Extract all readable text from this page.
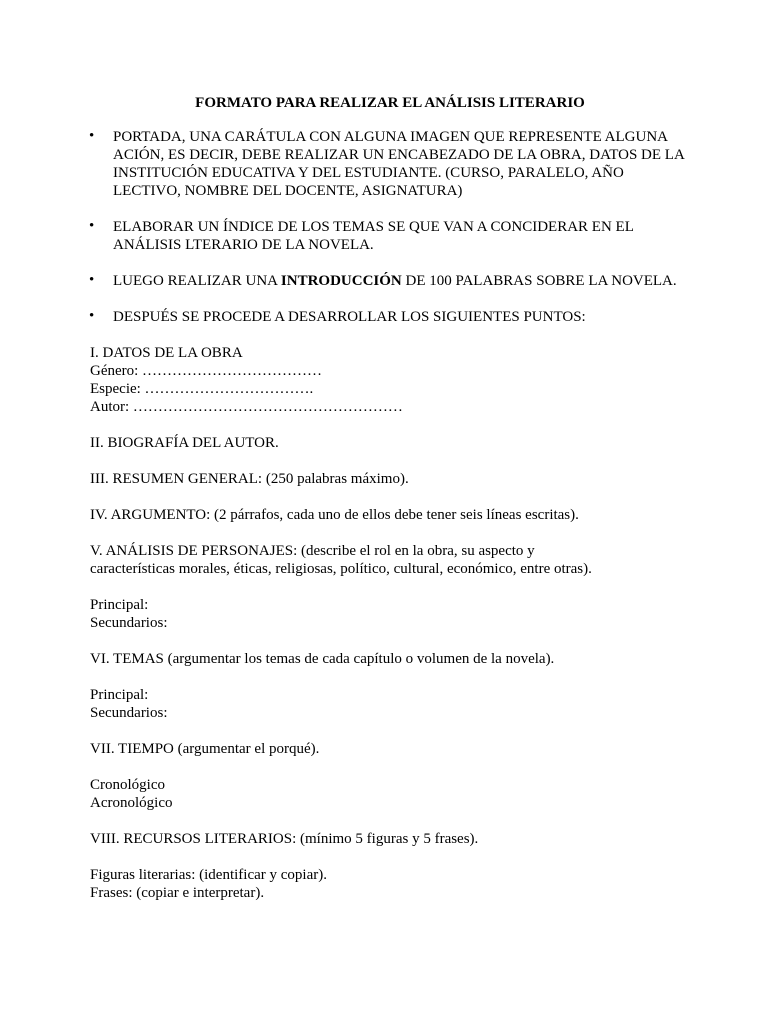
FORMATO PARA REALIZAR EL ANÁLISIS LITERARIO
• PORTADA, UNA CARÁTULA CON ALGUNA IMAGEN QUE REPRESENTE ALGUNA ACIÓN, ES DECIR, DEBE REALIZAR UN ENCABEZADO DE LA OBRA, DATOS DE LA INSTITUCIÓN EDUCATIVA Y DEL ESTUDIANTE. (CURSO, PARALELO, AÑO LECTIVO, NOMBRE DEL DOCENTE, ASIGNATURA)
• ELABORAR UN ÍNDICE DE LOS TEMAS SE QUE VAN A CONCIDERAR EN EL ANÁLISIS LTERARIO DE LA NOVELA.
• LUEGO REALIZAR UNA INTRODUCCIÓN DE 100 PALABRAS SOBRE LA NOVELA.
• DESPUÉS SE PROCEDE A DESARROLLAR LOS SIGUIENTES PUNTOS:
I. DATOS DE LA OBRA
Género: ………………………………
Especie: …………………………….
Autor: ………………………………………………
II. BIOGRAFÍA DEL AUTOR.
III. RESUMEN GENERAL: (250 palabras máximo).
IV. ARGUMENTO: (2 párrafos, cada uno de ellos debe tener seis líneas escritas).
V. ANÁLISIS DE PERSONAJES: (describe el rol en la obra, su aspecto y
características morales, éticas, religiosas, político, cultural, económico, entre otras).
Principal:
Secundarios:
VI. TEMAS (argumentar los temas de cada capítulo o volumen de la novela).
Principal:
Secundarios:
VII. TIEMPO (argumentar el porqué).
Cronológico
Acronológico
VIII. RECURSOS LITERARIOS: (mínimo 5 figuras y 5 frases).
Figuras literarias: (identificar y copiar).
Frases: (copiar e interpretar).
